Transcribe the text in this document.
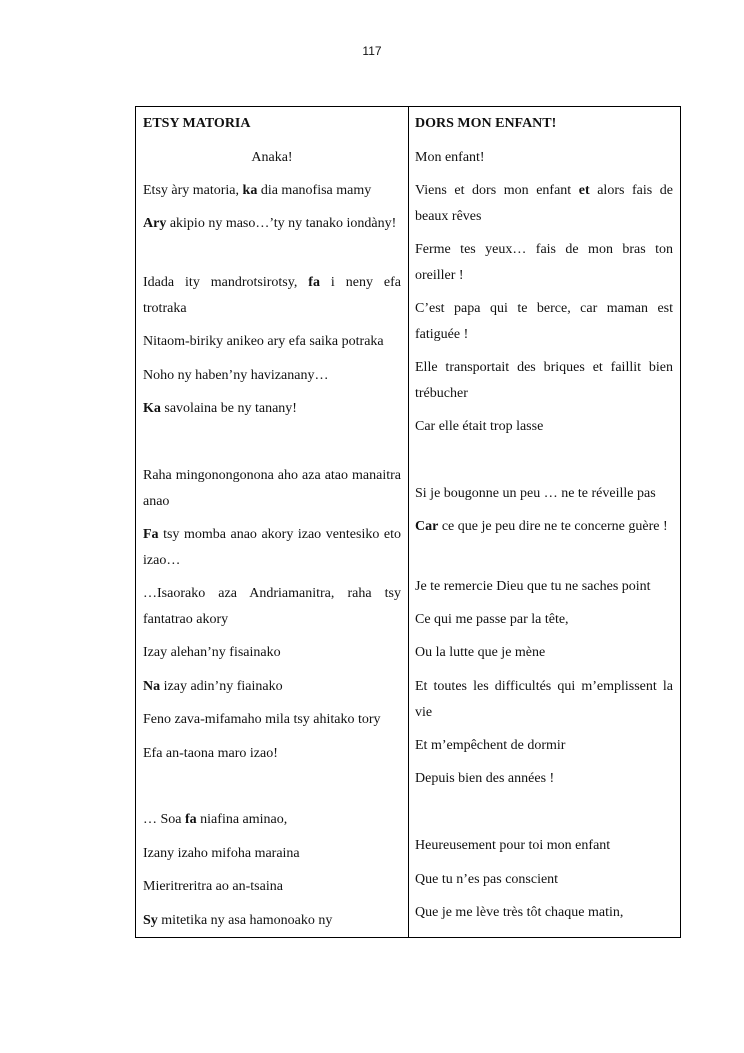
117
ETSY MATORIA
Anaka!
Etsy àry matoria, ka dia manofisa mamy
Ary akipio ny maso…’ty ny tanako iondàny!
Idada ity mandrotsirotsy, fa i neny efa trotraka
Nitaom-biriky anikeo ary efa saika potraka
Noho ny haben’ny havizanany…
Ka savolaina be ny tanany!
Raha mingonongonona aho aza atao manaitra anao
Fa tsy momba anao akory izao ventesiko eto izao…
…Isaorako aza Andriamanitra, raha tsy fantatrao akory
Izay alehan’ny fisainako
Na izay adin’ny fiainako
Feno zava-mifamaho mila tsy ahitako tory
Efa an-taona maro izao!
… Soa fa niafina aminao,
Izany izaho mifoha maraina
Mieritreritra ao an-tsaina
Sy mitetika ny asa hamonoako ny
DORS MON ENFANT!
Mon enfant!
Viens et dors mon enfant et alors fais de beaux rêves
Ferme tes yeux… fais de mon bras ton oreiller !
C’est papa qui te berce, car maman est fatiguée !
Elle transportait des briques et faillit bien trébucher
Car elle était trop lasse
Si je bougonne un peu … ne te réveille pas
Car ce que je peu dire ne te concerne guère !
Je te remercie Dieu que tu ne saches point
Ce qui me passe par la tête,
Ou la lutte que je mène
Et toutes les difficultés qui m’emplissent la vie
Et m’empêchent de dormir
Depuis bien des années !
Heureusement pour toi mon enfant
Que tu n’es pas conscient
Que je me lève très tôt chaque matin,
